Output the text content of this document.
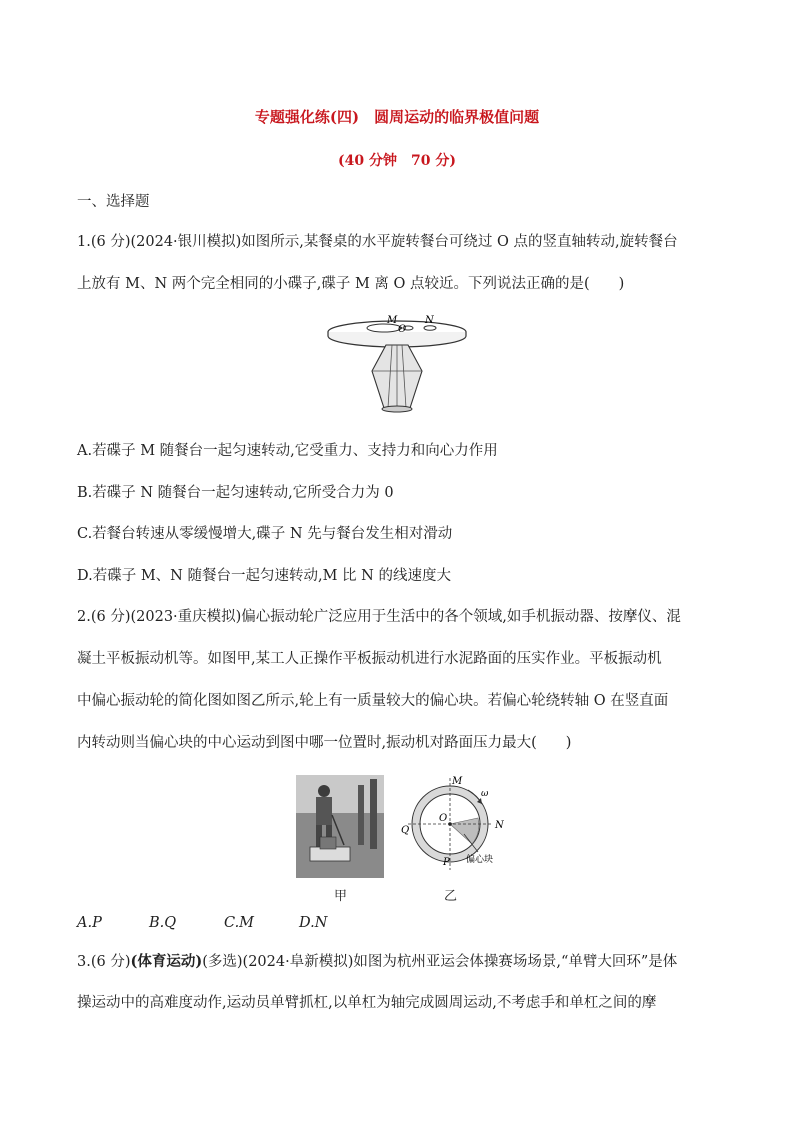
专题强化练(四)　圆周运动的临界极值问题
(40 分钟　70 分)
一、选择题
1.(6 分)(2024·银川模拟)如图所示,某餐桌的水平旋转餐台可绕过 O 点的竖直轴转动,旋转餐台
上放有 M、N 两个完全相同的小碟子,碟子 M 离 O 点较近。下列说法正确的是(　　)
M
O
N
A.若碟子 M 随餐台一起匀速转动,它受重力、支持力和向心力作用
B.若碟子 N 随餐台一起匀速转动,它所受合力为 0
C.若餐台转速从零缓慢增大,碟子 N 先与餐台发生相对滑动
D.若碟子 M、N 随餐台一起匀速转动,M 比 N 的线速度大
2.(6 分)(2023·重庆模拟)偏心振动轮广泛应用于生活中的各个领域,如手机振动器、按摩仪、混
凝土平板振动机等。如图甲,某工人正操作平板振动机进行水泥路面的压实作业。平板振动机
中偏心振动轮的简化图如图乙所示,轮上有一质量较大的偏心块。若偏心轮绕转轴 O 在竖直面
内转动则当偏心块的中心运动到图中哪一位置时,振动机对路面压力最大(　　)
甲
M
N
P
Q
O
ω
偏心块
乙
A.P	B.Q	C.M	D.N
3.(6 分)(体育运动)(多选)(2024·阜新模拟)如图为杭州亚运会体操赛场场景,“单臂大回环”是体
操运动中的高难度动作,运动员单臂抓杠,以单杠为轴完成圆周运动,不考虑手和单杠之间的摩
